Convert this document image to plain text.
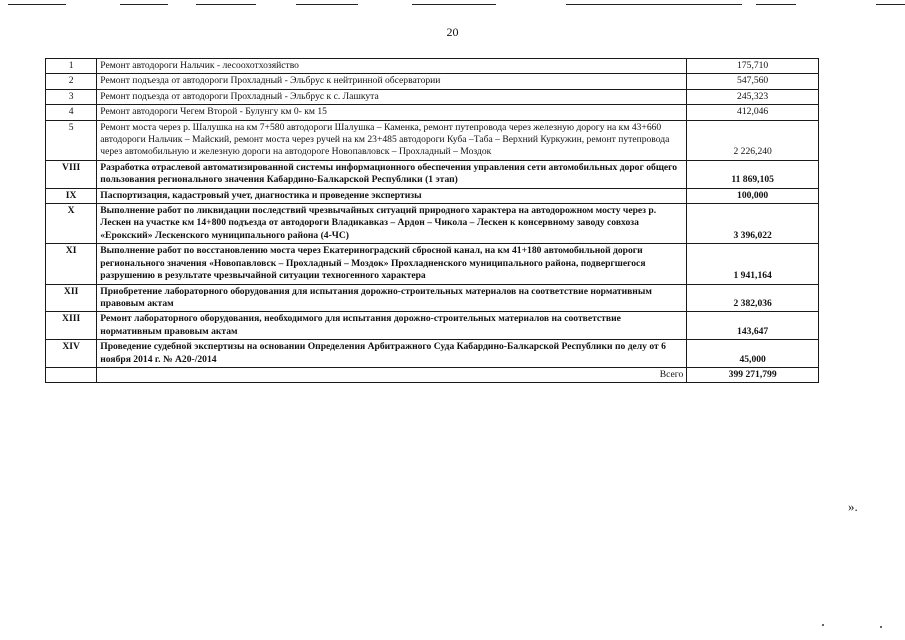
20
1	Ремонт автодороги Нальчик - лесоохотхозяйство	175,710
2	Ремонт подъезда от автодороги Прохладный - Эльбрус к нейтринной обсерватории	547,560
3	Ремонт подъезда от автодороги Прохладный - Эльбрус к с. Лашкута	245,323
4	Ремонт автодороги Чегем Второй - Булунгу км 0- км 15	412,046
5	Ремонт моста через р. Шалушка на км 7+580 автодороги Шалушка – Каменка, ремонт путепровода через железную дорогу на км 43+660 автодороги Нальчик – Майский, ремонт моста через ручей на км 23+485 автодороги Куба –Таба – Верхний Куркужин, ремонт путепровода через автомобильную и железную дороги на автодороге Новопавловск – Прохладный – Моздок	2 226,240
VIII	Разработка отраслевой автоматизированной системы информационного обеспечения управления сети автомобильных дорог общего пользования регионального значения Кабардино-Балкарской Республики (1 этап)	11 869,105
IX	Паспортизация, кадастровый учет, диагностика и проведение экспертизы	100,000
X	Выполнение работ по ликвидации последствий чрезвычайных ситуаций природного характера на автодорожном мосту через р. Лескен на участке км 14+800 подъезда от автодороги Владикавказ – Ардон – Чикола – Лескен к консервному заводу совхоза «Ерокский» Лескенского муниципального района (4-ЧС)	3 396,022
XI	Выполнение работ по восстановлению моста через Екатериноградский сбросной канал, на км 41+180 автомобильной дороги регионального значения «Новопавловск – Прохладный – Моздок» Прохладненского муниципального района, подвергшегося разрушению в результате чрезвычайной ситуации техногенного характера	1 941,164
XII	Приобретение лабораторного оборудования для испытания дорожно-строительных материалов на соответствие нормативным правовым актам	2 382,036
XIII	Ремонт лабораторного оборудования, необходимого для испытания дорожно-строительных материалов на соответствие нормативным правовым актам	143,647
XIV	Проведение судебной экспертизы на основании Определения Арбитражного Суда Кабардино-Балкарской Республики по делу от 6 ноября 2014 г. № А20-/2014	45,000
	Всего	399 271,799
».
